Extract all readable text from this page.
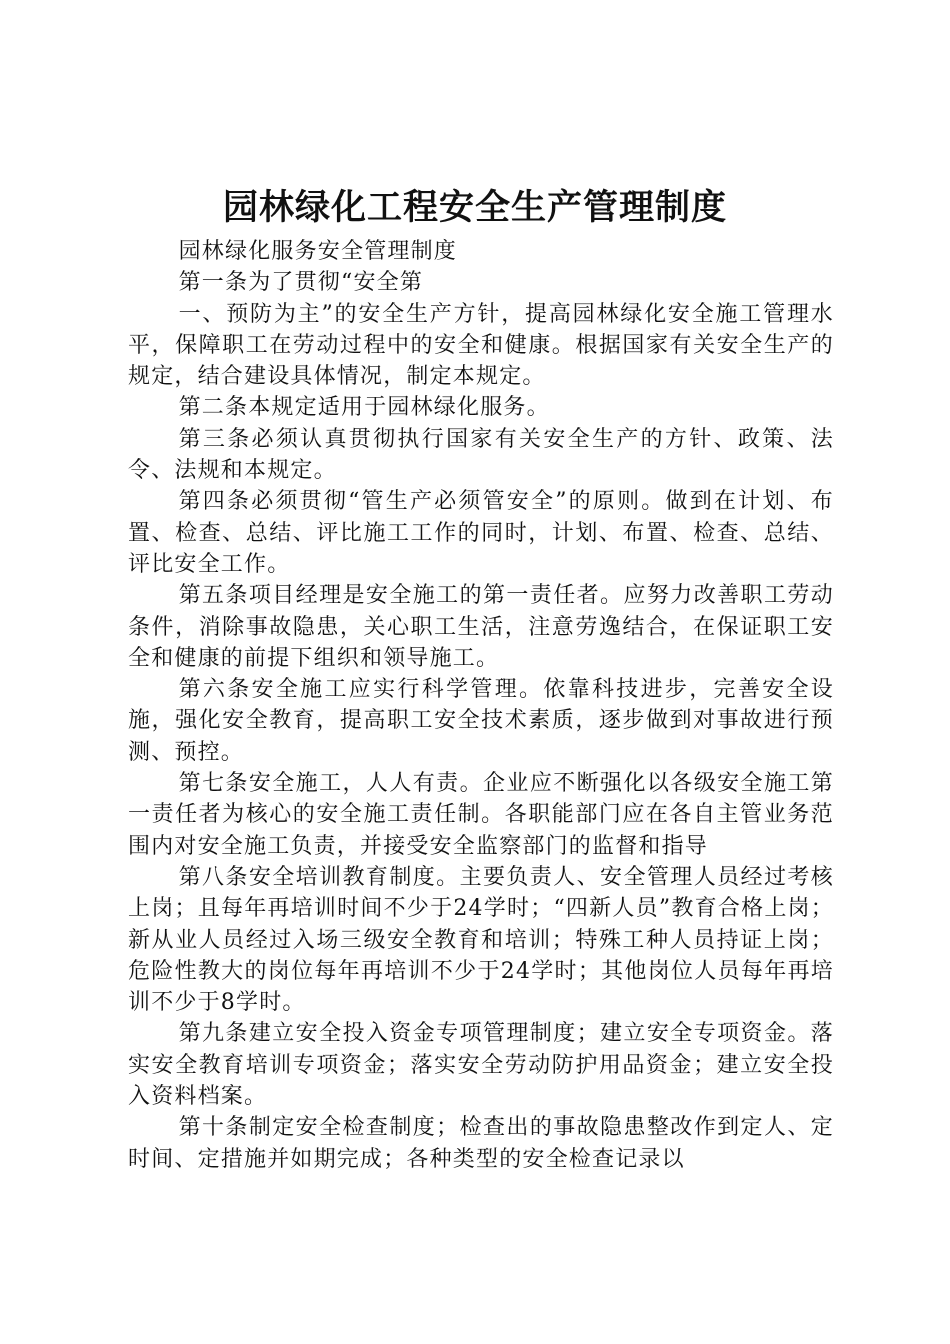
园林绿化工程安全生产管理制度

园林绿化服务安全管理制度

第一条为了贯彻“安全第

一、预防为主”的安全生产方针，提高园林绿化安全施工管理水平，保障职工在劳动过程中的安全和健康。根据国家有关安全生产的规定，结合建设具体情况，制定本规定。

第二条本规定适用于园林绿化服务。

第三条必须认真贯彻执行国家有关安全生产的方针、政策、法令、法规和本规定。

第四条必须贯彻“管生产必须管安全”的原则。做到在计划、布置、检查、总结、评比施工工作的同时，计划、布置、检查、总结、评比安全工作。

第五条项目经理是安全施工的第一责任者。应努力改善职工劳动条件，消除事故隐患，关心职工生活，注意劳逸结合，在保证职工安全和健康的前提下组织和领导施工。

第六条安全施工应实行科学管理。依靠科技进步，完善安全设施，强化安全教育，提高职工安全技术素质，逐步做到对事故进行预测、预控。

第七条安全施工，人人有责。企业应不断强化以各级安全施工第一责任者为核心的安全施工责任制。各职能部门应在各自主管业务范围内对安全施工负责，并接受安全监察部门的监督和指导

第八条安全培训教育制度。主要负责人、安全管理人员经过考核上岗；且每年再培训时间不少于24学时；“四新人员”教育合格上岗；新从业人员经过入场三级安全教育和培训；特殊工种人员持证上岗；危险性教大的岗位每年再培训不少于24学时；其他岗位人员每年再培训不少于8学时。

第九条建立安全投入资金专项管理制度；建立安全专项资金。落实安全教育培训专项资金；落实安全劳动防护用品资金；建立安全投入资料档案。

第十条制定安全检查制度；检查出的事故隐患整改作到定人、定时间、定措施并如期完成；各种类型的安全检查记录以
